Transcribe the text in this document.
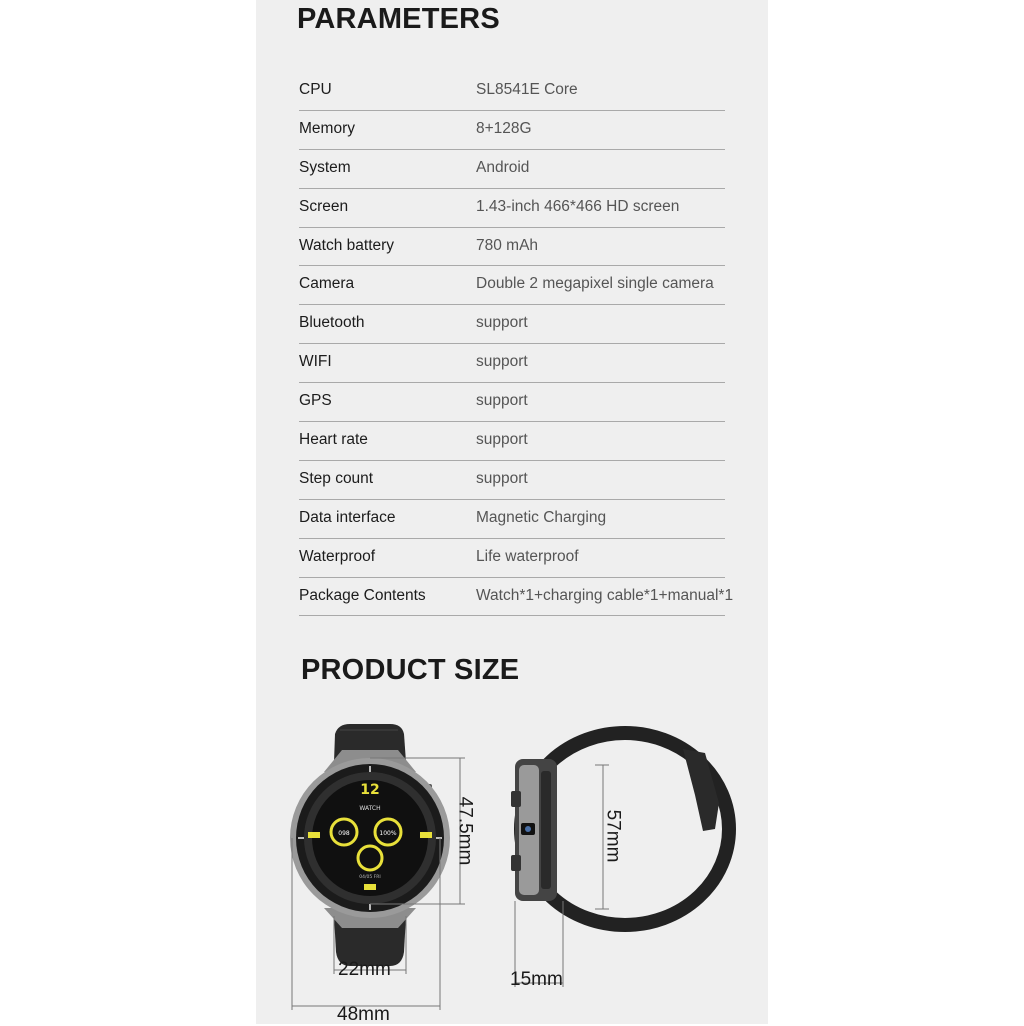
PARAMETERS
CPU	SL8541E Core
Memory	8+128G
System	Android
Screen	1.43-inch 466*466 HD screen
Watch battery	780 mAh
Camera	Double 2 megapixel single camera
Bluetooth	support
WIFI	support
GPS	support
Heart rate	support
Step count	support
Data interface	Magnetic Charging
Waterproof	Life waterproof
Package Contents	Watch*1+charging cable*1+manual*1
PRODUCT SIZE
12
WATCH
098	100%
04/05 FRI
47.5mm
22mm
48mm
57mm
15mm
